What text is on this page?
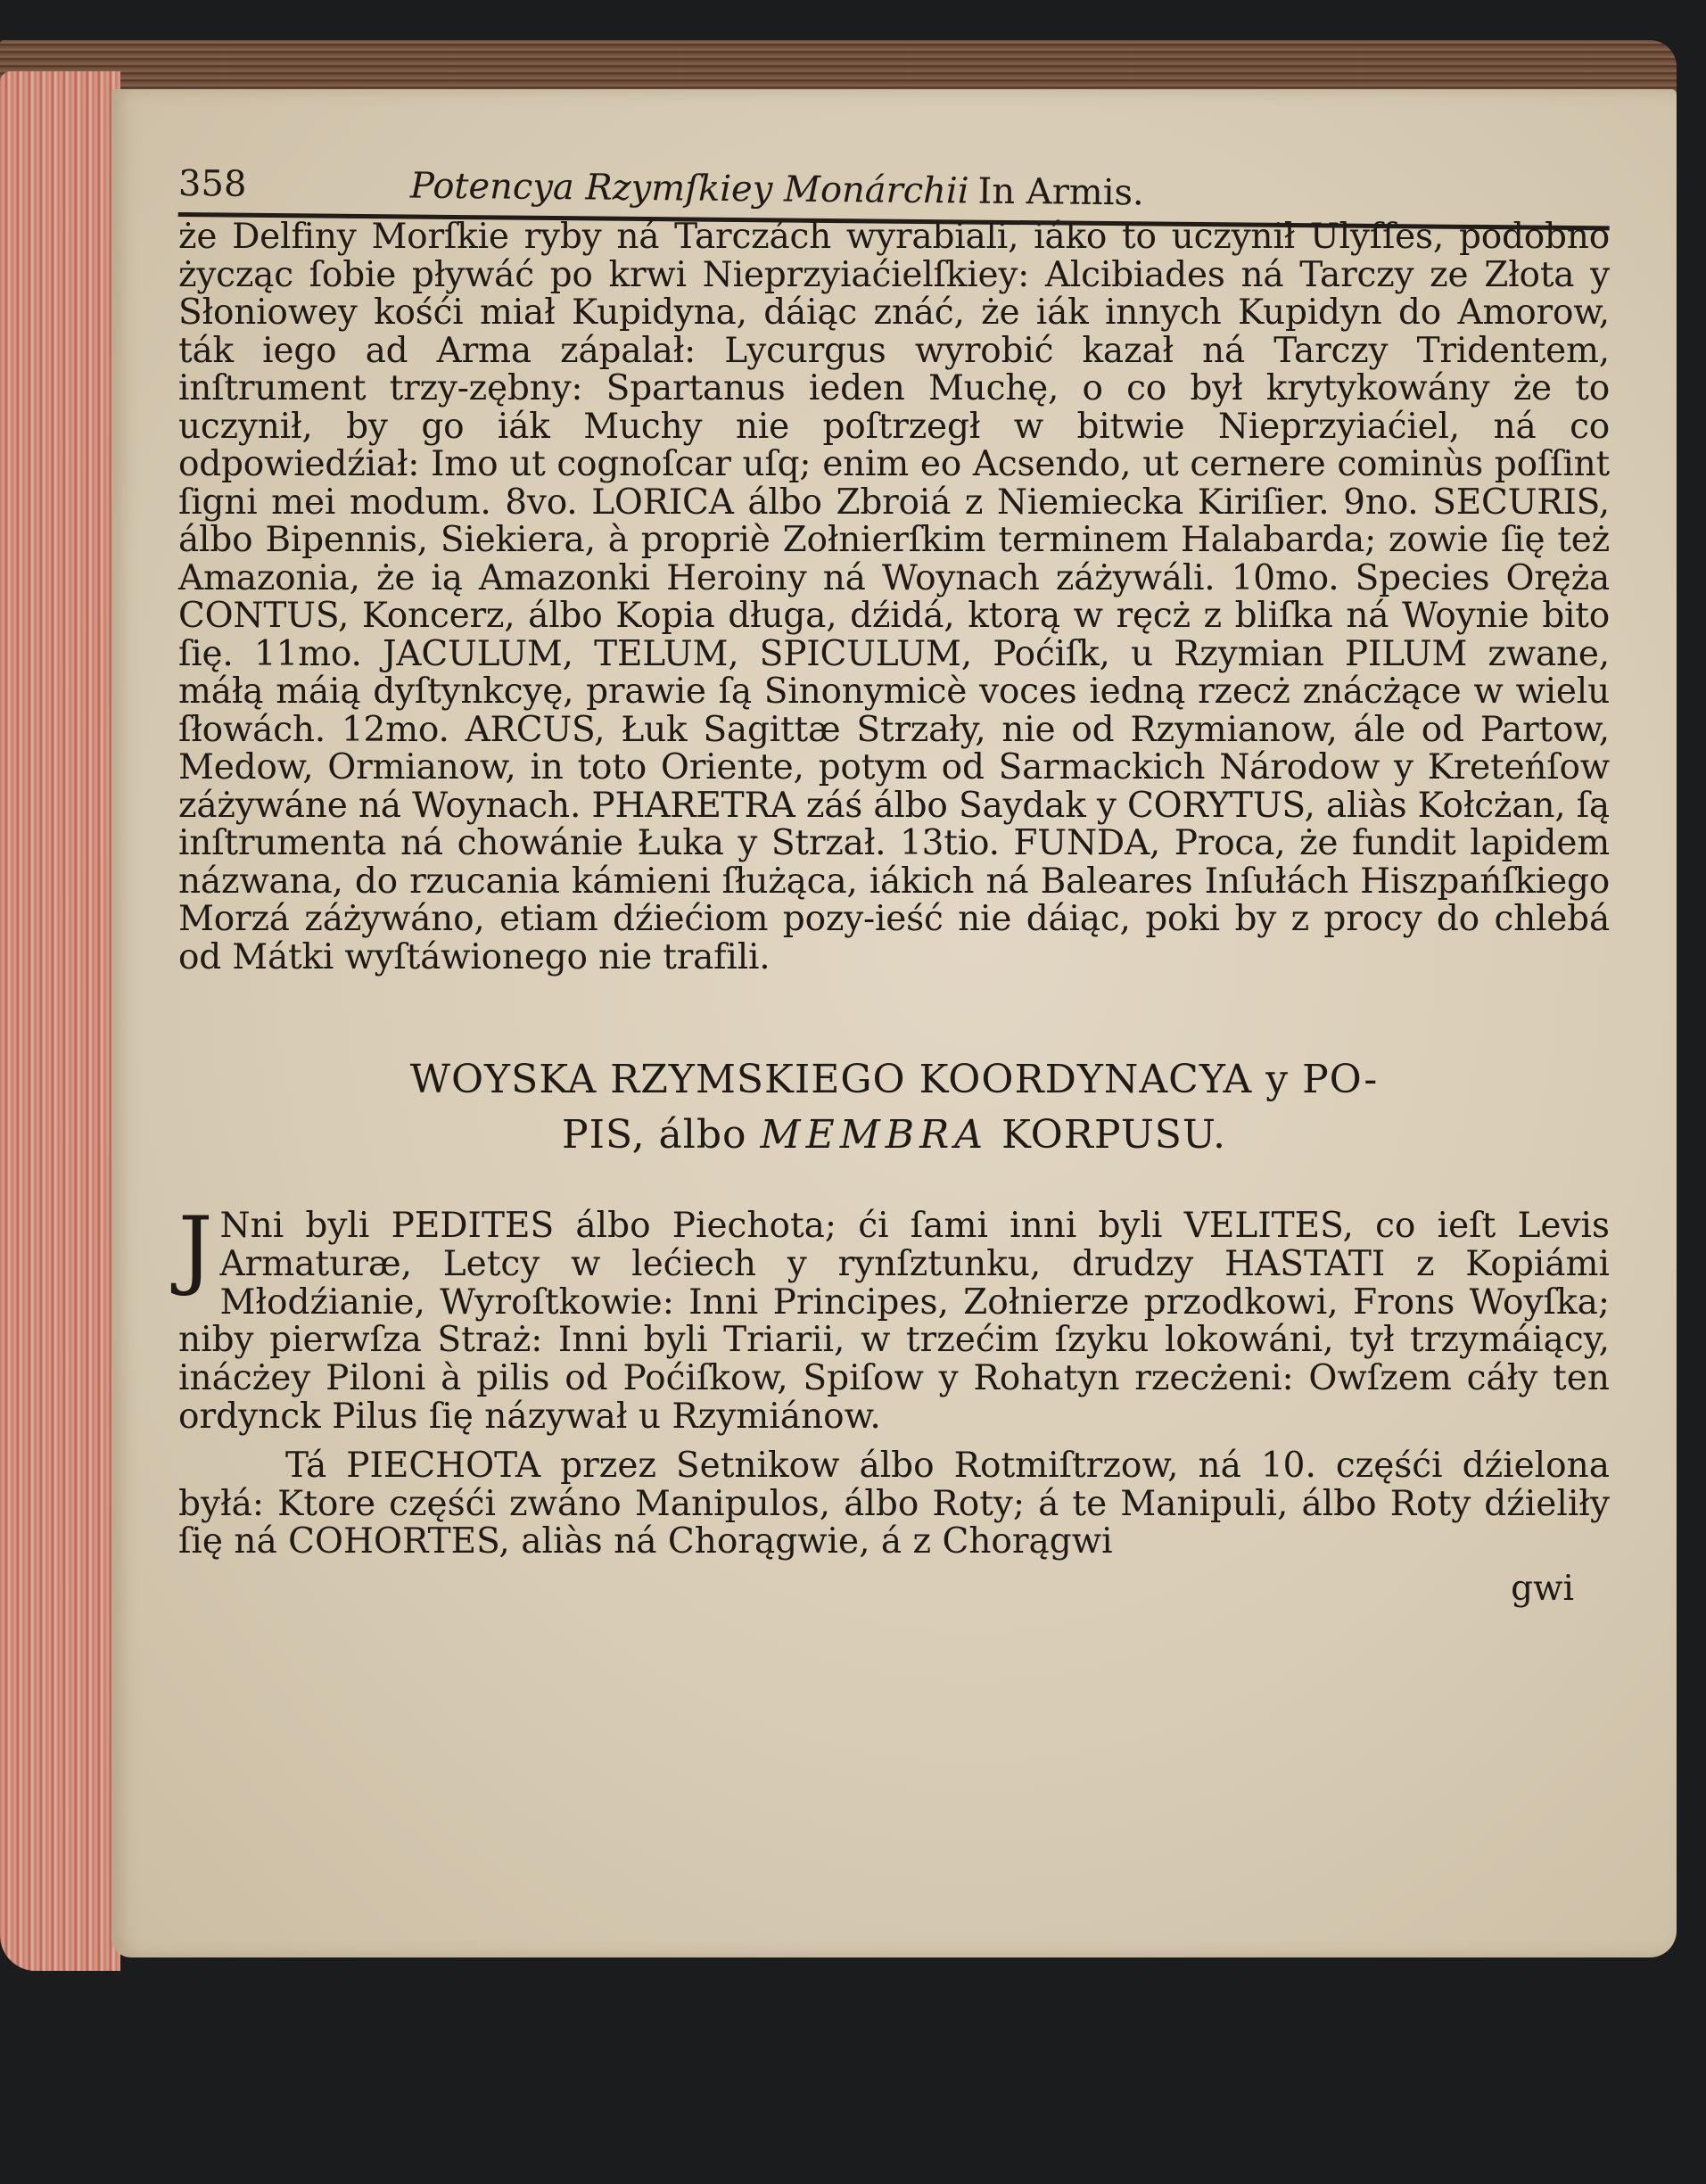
358	Potencya Rzymſkiey Monárchii In Armis.

że Delfiny Morſkie ryby ná Tarczách wyrabiali, iáko to uczynił Ulyſſes, podobno życząc ſobie pływáć po krwi Nieprzyiaćielſkiey: Alcibiades ná Tarczy ze Złota y Słoniowey kośći miał Kupidyna, dáiąc znáć, że iák innych Kupidyn do Amorow, ták iego ad Arma zápalał: Lycurgus wyrobić kazał ná Tarczy Tridentem, inſtrument trzy-zębny: Spartanus ieden Muchę, o co był krytykowány że to uczynił, by go iák Muchy nie poſtrzegł w bitwie Nieprzyiaćiel, ná co odpowiedźiał: Imo ut cognoſcar uſq; enim eo Acsendo, ut cernere cominùs poſſint ſigni mei modum. 8vo. LORICA álbo Zbroiá z Niemiecka Kiriſier. 9no. SECURIS, álbo Bipennis, Siekiera, à propriè Zołnierſkim terminem Halabarda; zowie ſię też Amazonia, że ią Amazonki Heroiny ná Woynach záżywáli. 10mo. Species Oręża CONTUS, Koncerz, álbo Kopia długa, dźidá, ktorą w ręcż z bliſka ná Woynie bito ſię. 11mo. JACULUM, TELUM, SPICULUM, Poćiſk, u Rzymian PILUM zwane, máłą máią dyſtynkcyę, prawie ſą Sinonymicè voces iedną rzecż znácżące w wielu ſłowách. 12mo. ARCUS, Łuk Sagittæ Strzały, nie od Rzymianow, ále od Partow, Medow, Ormianow, in toto Oriente, potym od Sarmackich Národow y Kreteńſow záżywáne ná Woynach. PHARETRA záś álbo Saydak y CORYTUS, aliàs Kołcżan, ſą inſtrumenta ná chowánie Łuka y Strzał. 13tio. FUNDA, Proca, że fundit lapidem názwana, do rzucania kámieni ſłużąca, iákich ná Baleares Inſułách Hiszpańſkiego Morzá záżywáno, etiam dźiećiom pozy-ieść nie dáiąc, poki by z procy do chlebá od Mátki wyſtáwionego nie trafili.

WOYSKA RZYMSKIEGO KOORDYNACYA y PO-
PIS, álbo MEMBRA KORPUSU.
J Nni byli PEDITES álbo Piechota; ći ſami inni byli VELITES, co ieſt Levis Armaturæ, Letcy w lećiech y rynſztunku, drudzy HASTATI z Kopiámi Młodźianie, Wyroſtkowie: Inni Principes, Zołnierze przodkowi, Frons Woyſka; niby pierwſza Straż: Inni byli Triarii, w trzećim ſzyku lokowáni, tył trzymáiący, inácżey Piloni à pilis od Poćiſkow, Spiſow y Rohatyn rzecżeni: Owſzem cáły ten ordynck Pilus ſię názywał u Rzymiánow.

Tá PIECHOTA przez Setnikow álbo Rotmiſtrzow, ná 10. częśći dźielona byłá: Ktore częśći zwáno Manipulos, álbo Roty; á te Manipuli, álbo Roty dźieliły ſię ná COHORTES, aliàs ná Chorągwie, á z Chorągwi

gwi
